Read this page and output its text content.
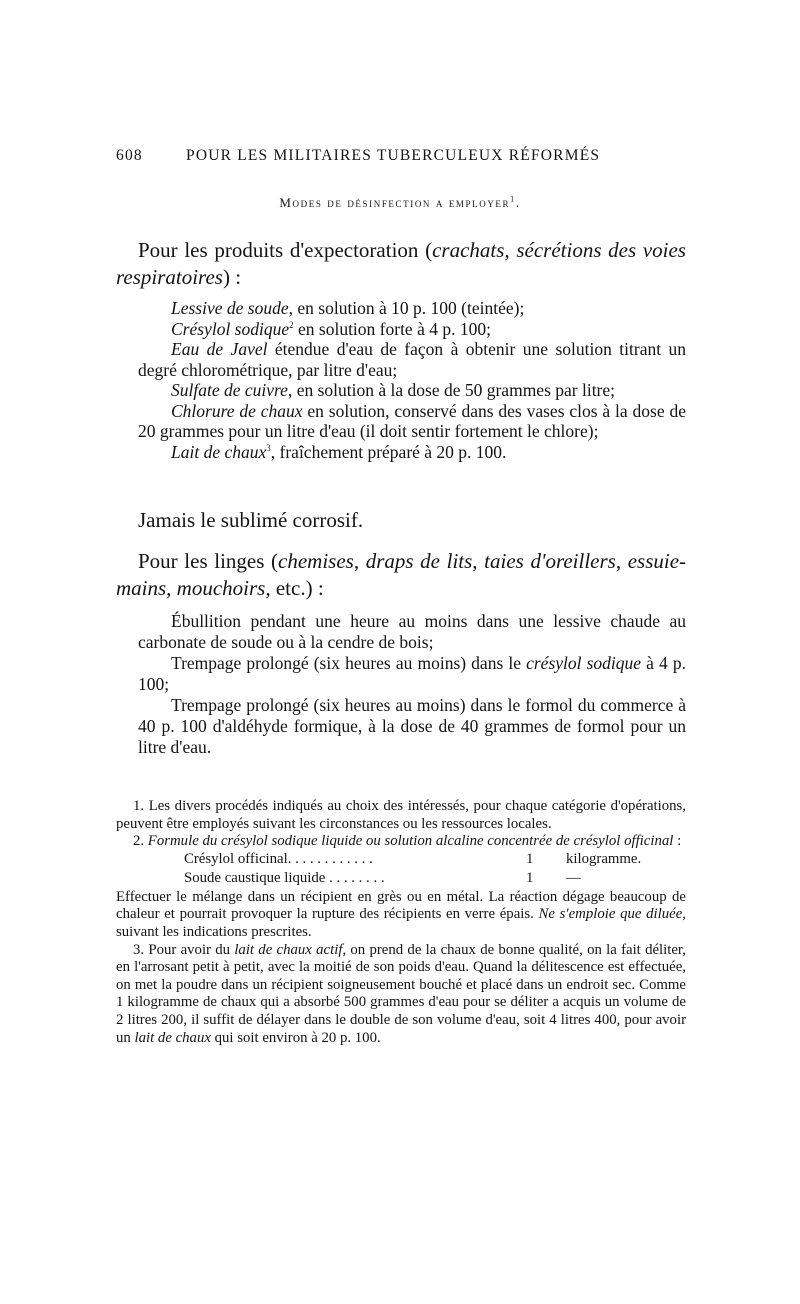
608	POUR LES MILITAIRES TUBERCULEUX RÉFORMÉS
Modes de désinfection a employer$^1$.

Pour les produits d'expectoration (crachats, sécrétions des voies respiratoires) :

Lessive de soude, en solution à 10 p. 100 (teintée);

Crésylol sodique$^2$ en solution forte à 4 p. 100;

Eau de Javel étendue d'eau de façon à obtenir une solution titrant un degré chlorométrique, par litre d'eau;

Sulfate de cuivre, en solution à la dose de 50 grammes par litre;

Chlorure de chaux en solution, conservé dans des vases clos à la dose de 20 grammes pour un litre d'eau (il doit sentir fortement le chlore);

Lait de chaux$^3$, fraîchement préparé à 20 p. 100.

Jamais le sublimé corrosif.

Pour les linges (chemises, draps de lits, taies d'oreillers, essuie-mains, mouchoirs, etc.) :

Ébullition pendant une heure au moins dans une lessive chaude au carbonate de soude ou à la cendre de bois;

Trempage prolongé (six heures au moins) dans le crésylol sodique à 4 p. 100;

Trempage prolongé (six heures au moins) dans le formol du commerce à 40 p. 100 d'aldéhyde formique, à la dose de 40 grammes de formol pour un litre d'eau.

1. Les divers procédés indiqués au choix des intéressés, pour chaque catégorie d'opérations, peuvent être employés suivant les circonstances ou les ressources locales.

2. Formule du crésylol sodique liquide ou solution alcaline concentrée de crésylol officinal :

Crésylol officinal. . . . . . . . . . . .	1 kilogramme.
Soude caustique liquide . . . . . . . .	1 —

Effectuer le mélange dans un récipient en grès ou en métal. La réaction dégage beaucoup de chaleur et pourrait provoquer la rupture des récipients en verre épais. Ne s'emploie que diluée, suivant les indications prescrites.

3. Pour avoir du lait de chaux actif, on prend de la chaux de bonne qualité, on la fait déliter, en l'arrosant petit à petit, avec la moitié de son poids d'eau. Quand la délitescence est effectuée, on met la poudre dans un récipient soigneusement bouché et placé dans un endroit sec. Comme 1 kilogramme de chaux qui a absorbé 500 grammes d'eau pour se déliter a acquis un volume de 2 litres 200, il suffit de délayer dans le double de son volume d'eau, soit 4 litres 400, pour avoir un lait de chaux qui soit environ à 20 p. 100.
